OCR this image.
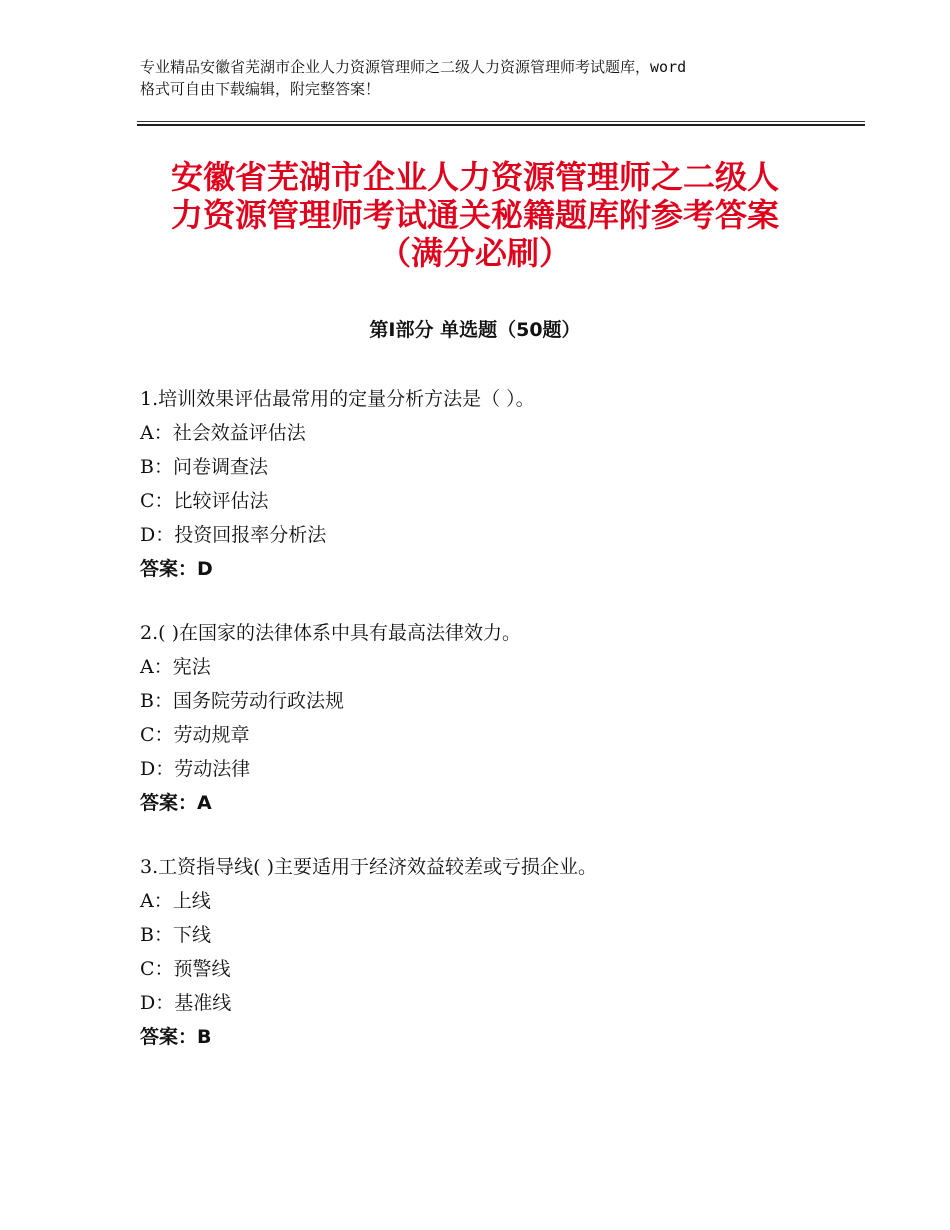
专业精品安徽省芜湖市企业人力资源管理师之二级人力资源管理师考试题库，word
格式可自由下载编辑，附完整答案！
安徽省芜湖市企业人力资源管理师之二级人
力资源管理师考试通关秘籍题库附参考答案
（满分必刷）
第Ⅰ部分 单选题（50题）
1.培训效果评估最常用的定量分析方法是（ ）。
A：社会效益评估法
B：问卷调查法
C：比较评估法
D：投资回报率分析法
答案：D
2.( )在国家的法律体系中具有最高法律效力。
A：宪法
B：国务院劳动行政法规
C：劳动规章
D：劳动法律
答案：A
3.工资指导线( )主要适用于经济效益较差或亏损企业。
A：上线
B：下线
C：预警线
D：基准线
答案：B
